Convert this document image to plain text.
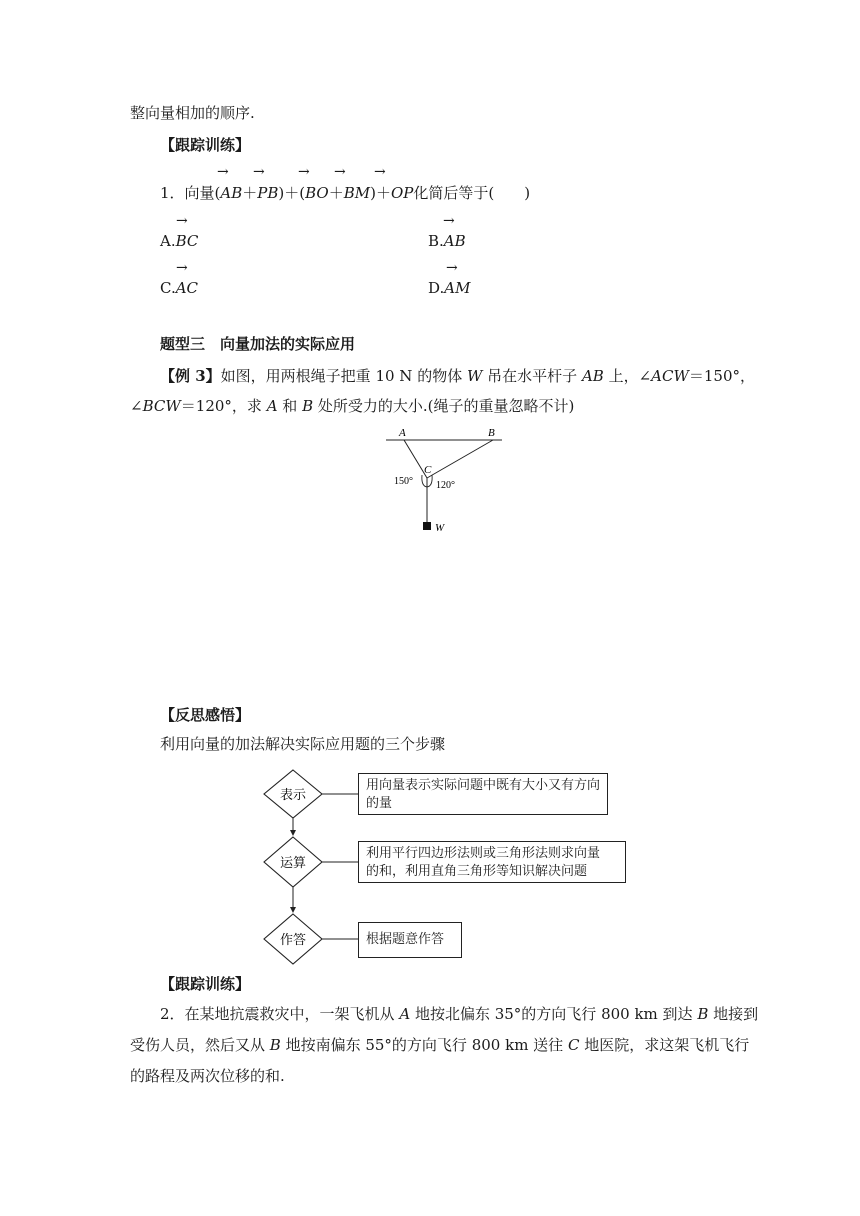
整向量相加的顺序.
【跟踪训练】
→ → → → →
1．向量(AB＋PB)＋(BO＋BM)＋OP化简后等于(　　)
→
A.BC
→
B.AB
→
C.AC
→
D.AM
题型三　向量加法的实际应用
【例 3】如图，用两根绳子把重 10 N 的物体 W 吊在水平杆子 AB 上，∠ACW＝150°，
∠BCW＝120°，求 A 和 B 处所受力的大小.(绳子的重量忽略不计)
A	B
C
W
150° 120°
【反思感悟】
利用向量的加法解决实际应用题的三个步骤
表示
运算
作答
用向量表示实际问题中既有大小又有方向
的量
利用平行四边形法则或三角形法则求向量
的和，利用直角三角形等知识解决问题
根据题意作答
【跟踪训练】
2．在某地抗震救灾中，一架飞机从 A 地按北偏东 35°的方向飞行 800 km 到达 B 地接到
受伤人员，然后又从 B 地按南偏东 55°的方向飞行 800 km 送往 C 地医院，求这架飞机飞行
的路程及两次位移的和.
